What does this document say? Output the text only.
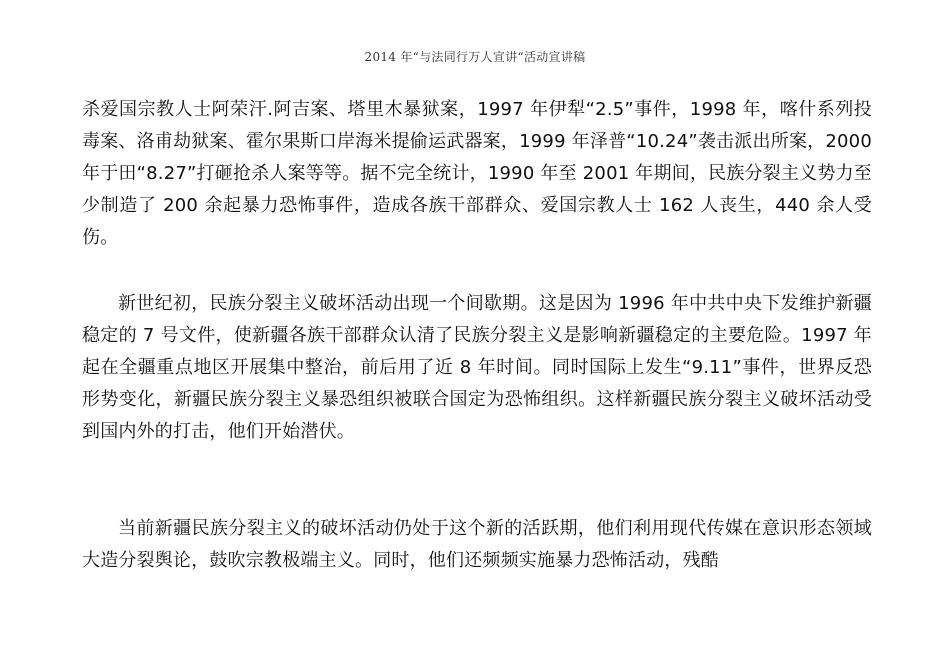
2014 年“与法同行万人宣讲“活动宣讲稿

杀爱国宗教人士阿荣汗.阿吉案、塔里木暴狱案，1997 年伊犁“2.5”事件，1998 年，喀什系列投毒案、洛甫劫狱案、霍尔果斯口岸海米提偷运武器案，1999 年泽普“10.24”袭击派出所案，2000 年于田“8.27”打砸抢杀人案等等。据不完全统计，1990 年至 2001 年期间，民族分裂主义势力至少制造了 200 余起暴力恐怖事件，造成各族干部群众、爱国宗教人士 162 人丧生，440 余人受伤。

新世纪初，民族分裂主义破坏活动出现一个间歇期。这是因为 1996 年中共中央下发维护新疆稳定的 7 号文件，使新疆各族干部群众认清了民族分裂主义是影响新疆稳定的主要危险。1997 年起在全疆重点地区开展集中整治，前后用了近 8 年时间。同时国际上发生“9.11”事件，世界反恐形势变化，新疆民族分裂主义暴恐组织被联合国定为恐怖组织。这样新疆民族分裂主义破坏活动受到国内外的打击，他们开始潜伏。

当前新疆民族分裂主义的破坏活动仍处于这个新的活跃期，他们利用现代传媒在意识形态领域大造分裂舆论，鼓吹宗教极端主义。同时，他们还频频实施暴力恐怖活动，残酷
